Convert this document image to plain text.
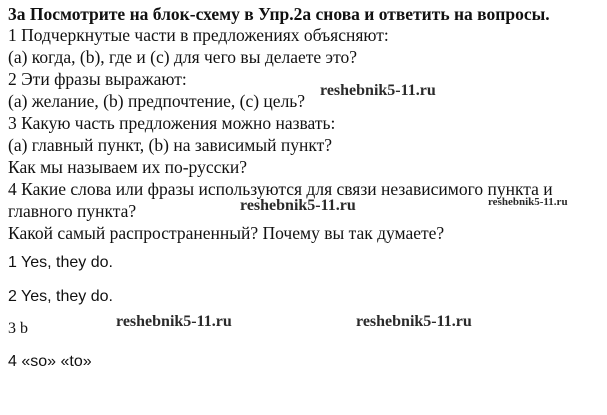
3а Посмотрите на блок-схему в Упр.2а снова и ответить на вопросы.

1 Подчеркнутые части в предложениях объясняют:

(a) когда, (b), где и (c) для чего вы делаете это?

2 Эти фразы выражают:

(a) желание, (b) предпочтение, (c) цель?

3 Какую часть предложения можно назвать:

(a) главный пункт, (b) на зависимый пункт?

Как мы называем их по-русски?

4 Какие слова или фразы используются для связи независимого пункта и

главного пункта?

Какой самый распространенный? Почему вы так думаете?

1 Yes, they do.
2 Yes, they do.
3 b
4 «so» «to»
reshebnik5-11.ru
reshebnik5-11.ru	reshebnik5-11.ru
reshebnik5-11.ru	reshebnik5-11.ru
